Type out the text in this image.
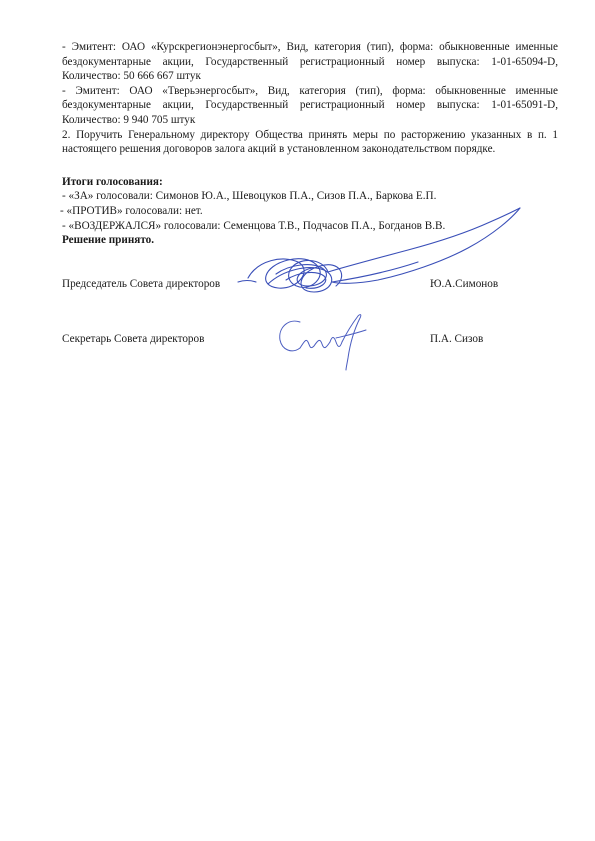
- Эмитент: ОАО «Курскрегионэнергосбыт», Вид, категория (тип), форма: обыкновенные именные бездокументарные акции, Государственный регистрационный номер выпуска: 1-01-65094-D, Количество: 50 666 667 штук

- Эмитент: ОАО «Тверьэнергосбыт», Вид, категория (тип), форма: обыкновенные именные бездокументарные акции, Государственный регистрационный номер выпуска: 1-01-65091-D, Количество: 9 940 705 штук

2. Поручить Генеральному директору Общества принять меры по расторжению указанных в п. 1 настоящего решения договоров залога акций в установленном законодательством порядке.

Итоги голосования:

- «ЗА» голосовали: Симонов Ю.А., Шевоцуков П.А., Сизов П.А., Баркова Е.П.

- «ПРОТИВ» голосовали: нет.

- «ВОЗДЕРЖАЛСЯ» голосовали: Семенцова Т.В., Подчасов П.А., Богданов В.В.

Решение принято.

Председатель Совета директоров	Ю.А.Симонов
Секретарь Совета директоров	П.А. Сизов
